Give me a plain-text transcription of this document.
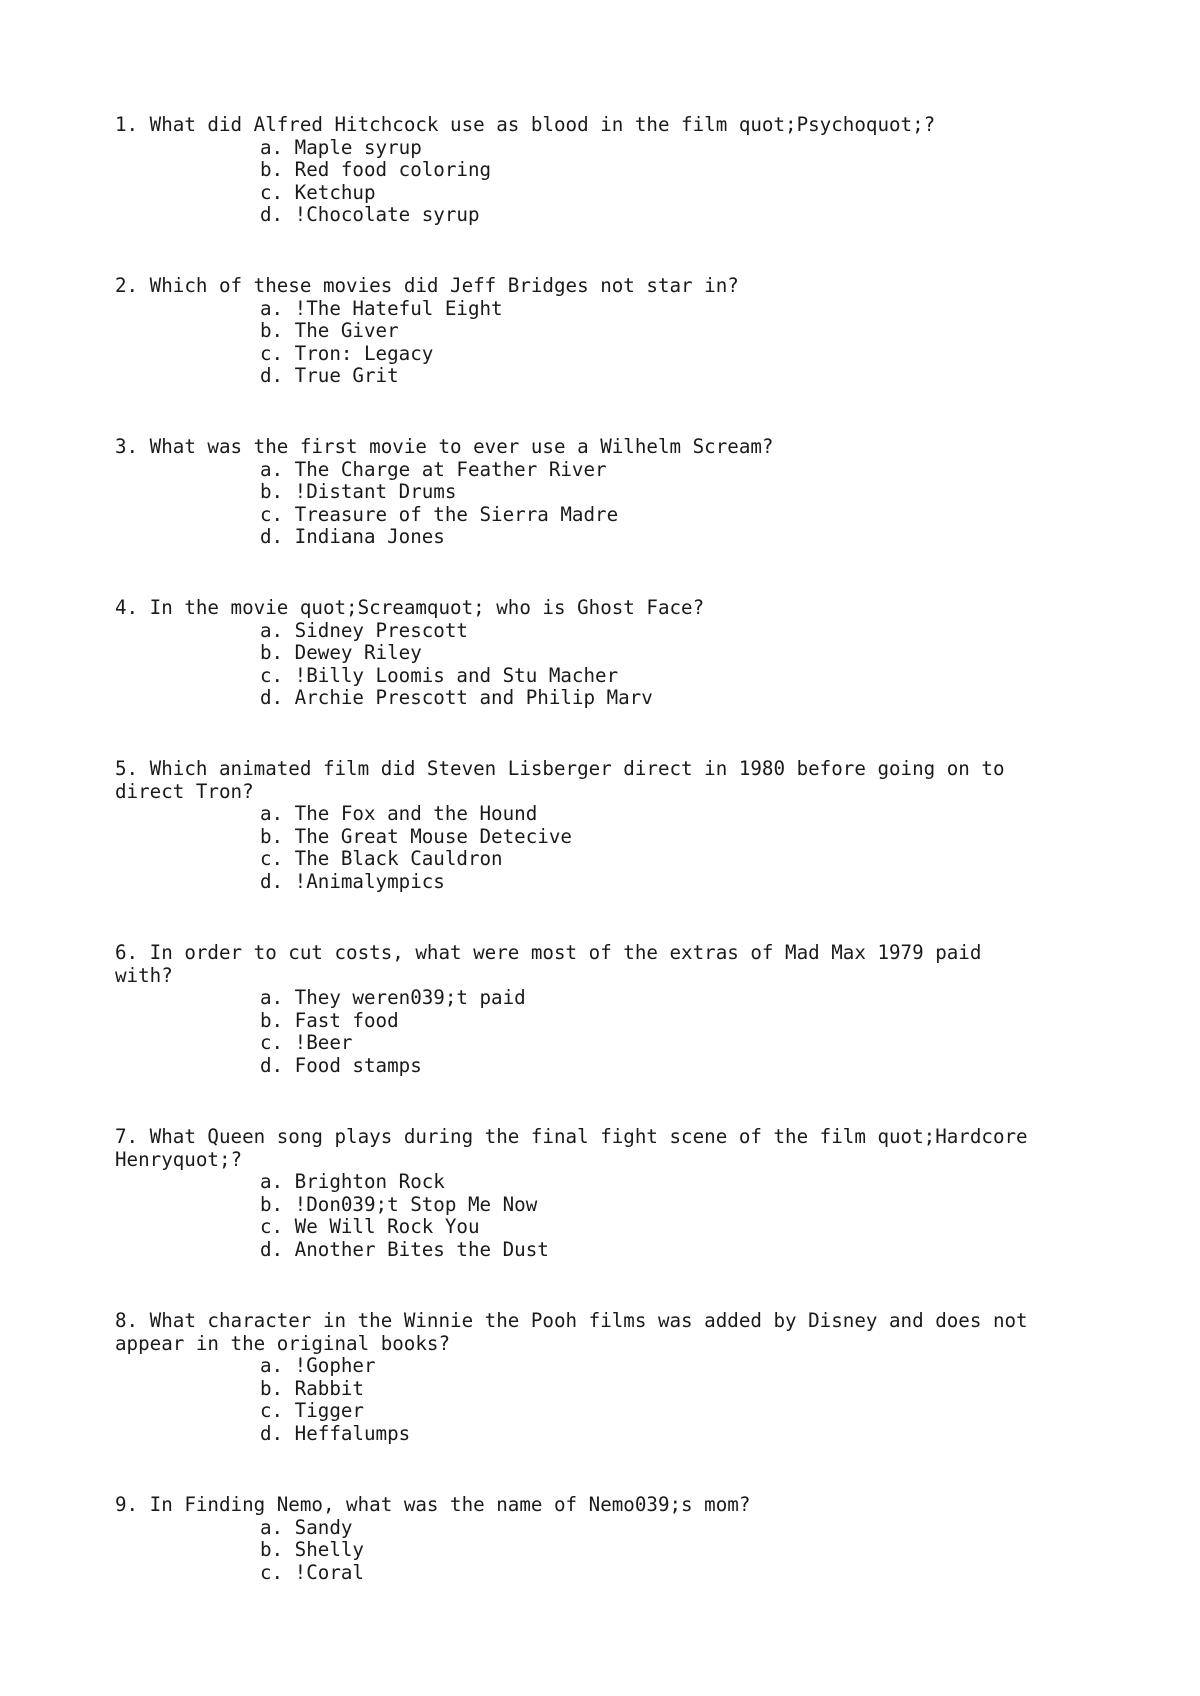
1. What did Alfred Hitchcock use as blood in the film quot;Psychoquot;?

a. Maple syrup
b. Red food coloring
c. Ketchup
d. !Chocolate syrup

2. Which of these movies did Jeff Bridges not star in?

a. !The Hateful Eight
b. The Giver
c. Tron: Legacy
d. True Grit

3. What was the first movie to ever use a Wilhelm Scream?

a. The Charge at Feather River
b. !Distant Drums
c. Treasure of the Sierra Madre
d. Indiana Jones

4. In the movie quot;Screamquot; who is Ghost Face?

a. Sidney Prescott
b. Dewey Riley
c. !Billy Loomis and Stu Macher
d. Archie Prescott and Philip Marv

5. Which animated film did Steven Lisberger direct in 1980 before going on to
direct Tron?

a. The Fox and the Hound
b. The Great Mouse Detecive
c. The Black Cauldron
d. !Animalympics

6. In order to cut costs, what were most of the extras of Mad Max 1979 paid
with?

a. They weren039;t paid
b. Fast food
c. !Beer
d. Food stamps

7. What Queen song plays during the final fight scene of the film quot;Hardcore
Henryquot;?

a. Brighton Rock
b. !Don039;t Stop Me Now
c. We Will Rock You
d. Another Bites the Dust

8. What character in the Winnie the Pooh films was added by Disney and does not
appear in the original books?

a. !Gopher
b. Rabbit
c. Tigger
d. Heffalumps

9. In Finding Nemo, what was the name of Nemo039;s mom?

a. Sandy
b. Shelly
c. !Coral
